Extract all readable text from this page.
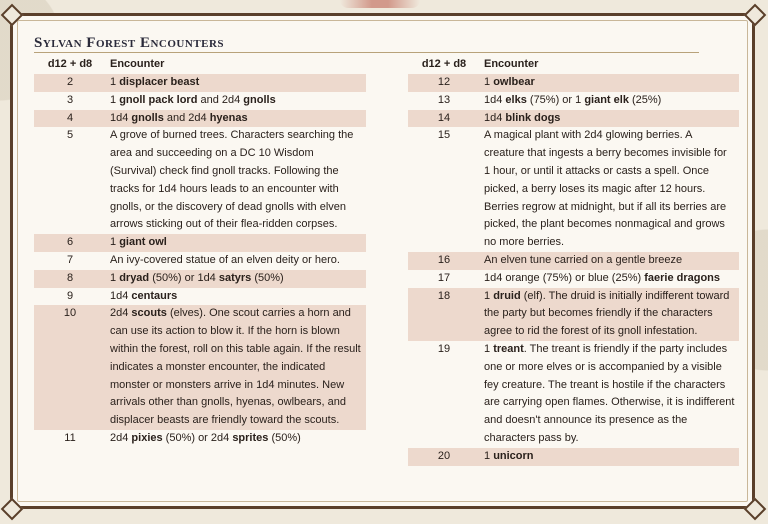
Sylvan Forest Encounters
d12 + d8	Encounter
2	1 displacer beast
3	1 gnoll pack lord and 2d4 gnolls
4	1d4 gnolls and 2d4 hyenas
5	A grove of burned trees. Characters searching the area and succeeding on a DC 10 Wisdom (Survival) check find gnoll tracks. Following the tracks for 1d4 hours leads to an encounter with gnolls, or the discovery of dead gnolls with elven arrows sticking out of their flea-ridden corpses.
6	1 giant owl
7	An ivy-covered statue of an elven deity or hero.
8	1 dryad (50%) or 1d4 satyrs (50%)
9	1d4 centaurs
10	2d4 scouts (elves). One scout carries a horn and can use its action to blow it. If the horn is blown within the forest, roll on this table again. If the result indicates a monster encounter, the indicated monster or monsters arrive in 1d4 minutes. New arrivals other than gnolls, hyenas, owlbears, and displacer beasts are friendly toward the scouts.
11	2d4 pixies (50%) or 2d4 sprites (50%)
d12 + d8	Encounter
12	1 owlbear
13	1d4 elks (75%) or 1 giant elk (25%)
14	1d4 blink dogs
15	A magical plant with 2d4 glowing berries. A creature that ingests a berry becomes invisible for 1 hour, or until it attacks or casts a spell. Once picked, a berry loses its magic after 12 hours. Berries regrow at midnight, but if all its berries are picked, the plant becomes nonmagical and grows no more berries.
16	An elven tune carried on a gentle breeze
17	1d4 orange (75%) or blue (25%) faerie dragons
18	1 druid (elf). The druid is initially indifferent toward the party but becomes friendly if the characters agree to rid the forest of its gnoll infestation.
19	1 treant. The treant is friendly if the party includes one or more elves or is accompanied by a visible fey creature. The treant is hostile if the characters are carrying open flames. Otherwise, it is indifferent and doesn't announce its presence as the characters pass by.
20	1 unicorn
